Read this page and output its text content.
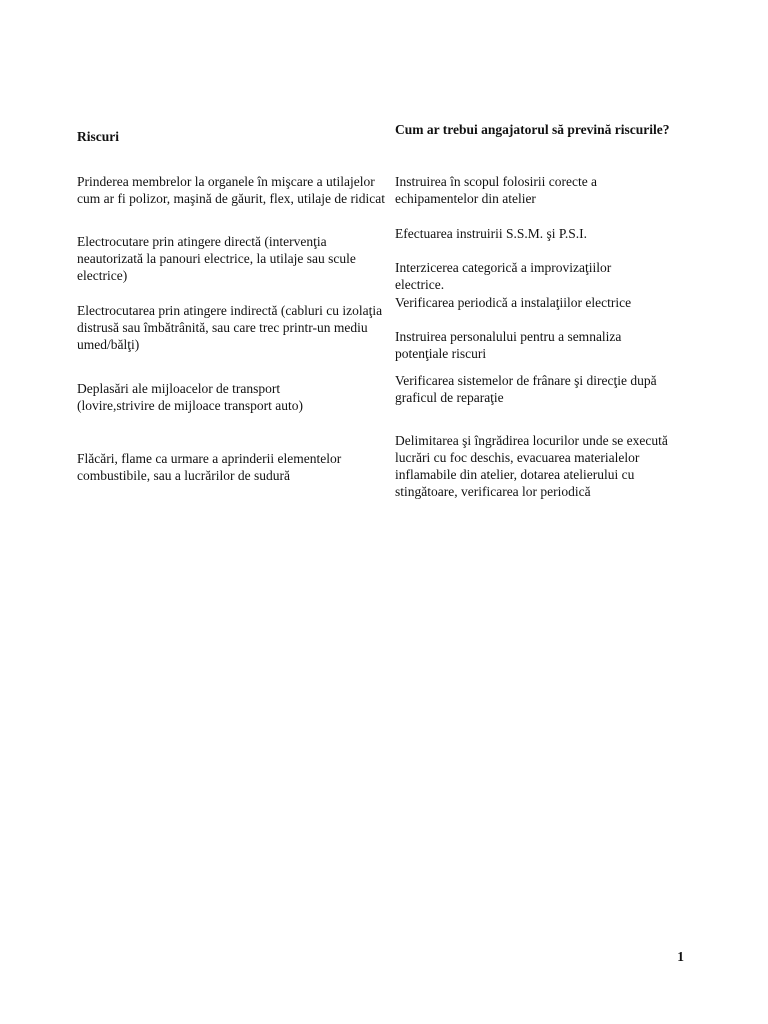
Riscuri	Cum ar trebui angajatorul să prevină riscurile?
Prinderea membrelor la organele în mişcare a utilajelor cum ar fi polizor, maşină de găurit, flex, utilaje de ridicat
Electrocutare prin atingere directă (intervenţia neautorizată la panouri electrice, la utilaje sau scule electrice)
Electrocutarea prin atingere indirectă (cabluri cu izolaţia distrusă sau îmbătrânită, sau care trec printr-un mediu umed/bălţi)
Deplasări ale mijloacelor de transport (lovire,strivire de mijloace transport auto)
Flăcări, flame ca urmare a aprinderii elementelor combustibile, sau a lucrărilor de sudură
Instruirea în scopul folosirii corecte a echipamentelor din atelier
Efectuarea instruirii S.S.M. şi P.S.I.
Interzicerea categorică a improvizaţiilor electrice.
Verificarea periodică a instalaţiilor electrice
Instruirea personalului pentru a semnaliza potenţiale riscuri
Verificarea sistemelor de frânare şi direcţie după graficul de reparaţie
Delimitarea şi îngrădirea locurilor unde se execută lucrări cu foc deschis, evacuarea materialelor inflamabile din atelier, dotarea atelierului cu stingătoare, verificarea lor periodică
1
